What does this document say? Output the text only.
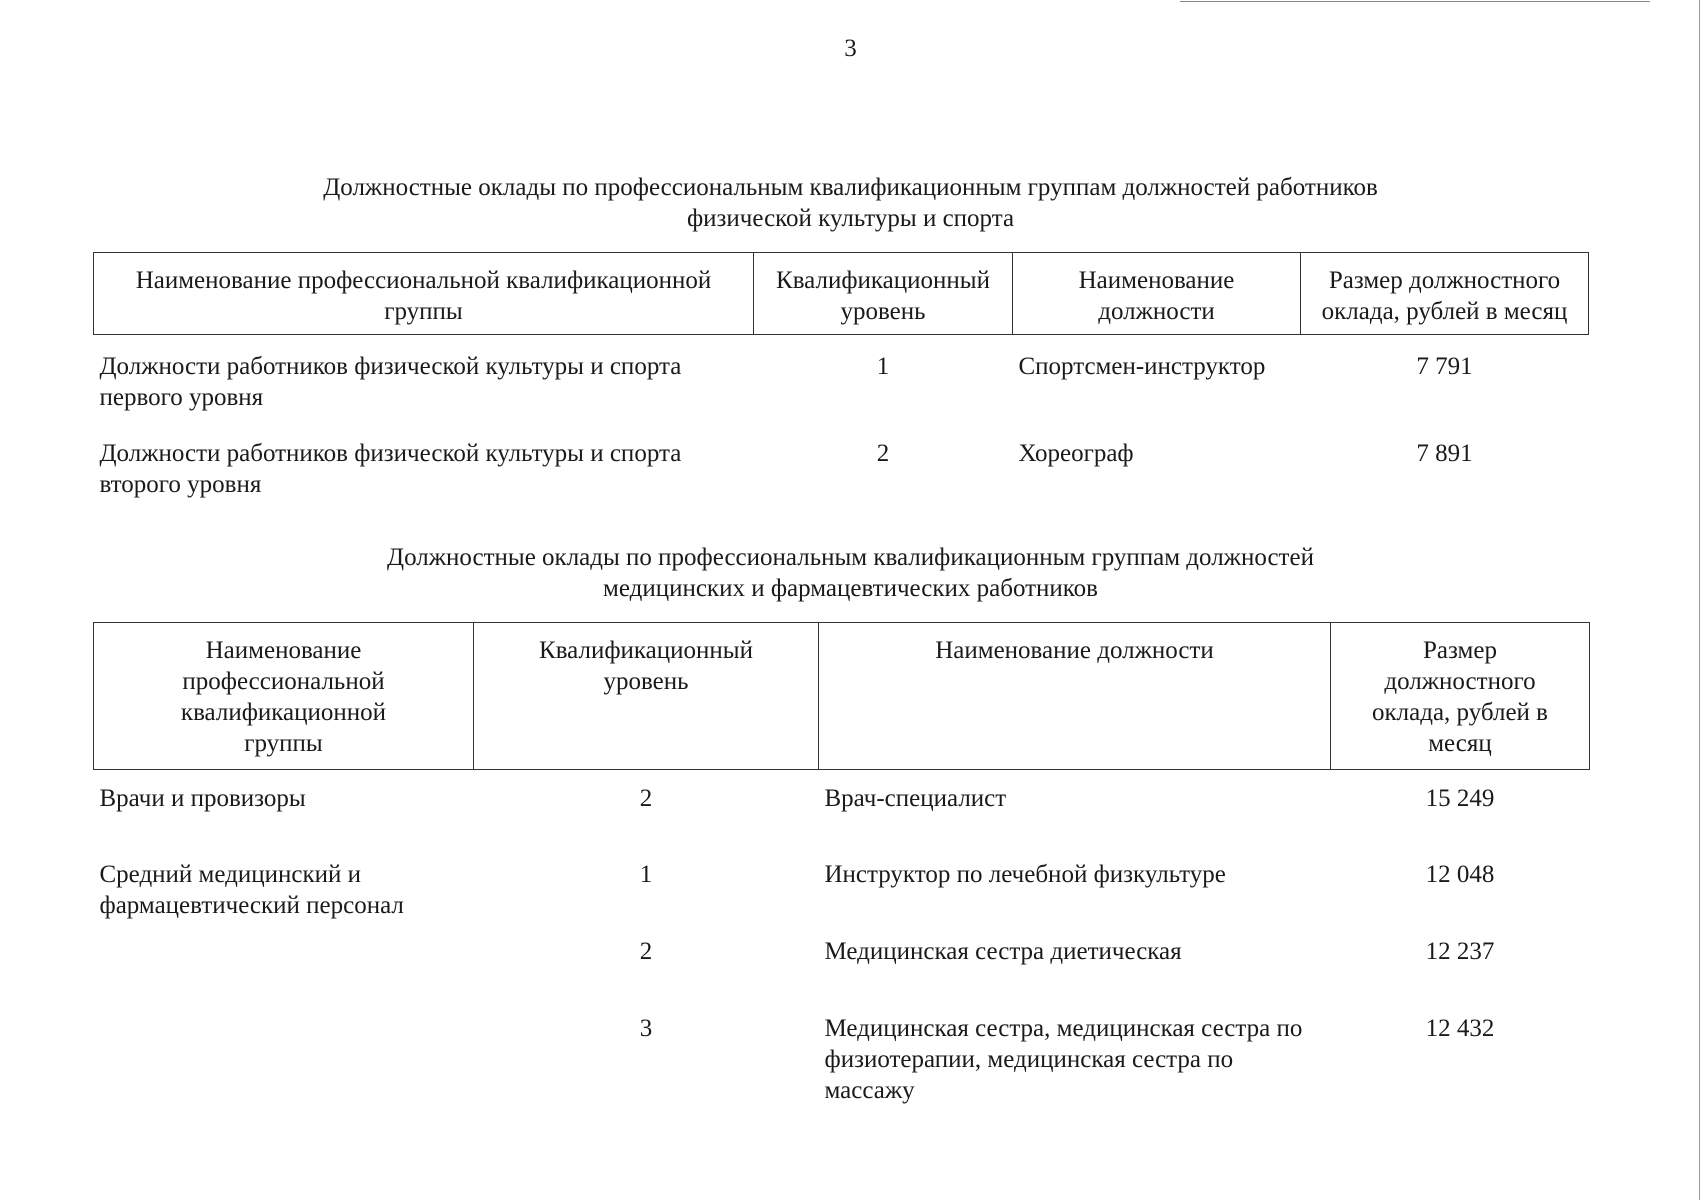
3
Должностные оклады по профессиональным квалификационным группам должностей работников
физической культуры и спорта
Наименование профессиональной квалификационной группы	Квалификационный уровень	Наименование должности	Размер должностного оклада, рублей в месяц
Должности работников физической культуры и спорта первого уровня	1	Спортсмен-инструктор	7 791
Должности работников физической культуры и спорта второго уровня	2	Хореограф	7 891
Должностные оклады по профессиональным квалификационным группам должностей
медицинских и фармацевтических работников
Наименование профессиональной квалификационной группы	Квалификационный уровень	Наименование должности	Размер должностного оклада, рублей в месяц

Врачи и провизоры	2	Врач-специалист	15 249

Средний медицинский и фармацевтический персонал	1	Инструктор по лечебной физкультуре	12 048
	2	Медицинская сестра диетическая	12 237
	3	Медицинская сестра, медицинская сестра по физиотерапии, медицинская сестра по массажу	12 432
